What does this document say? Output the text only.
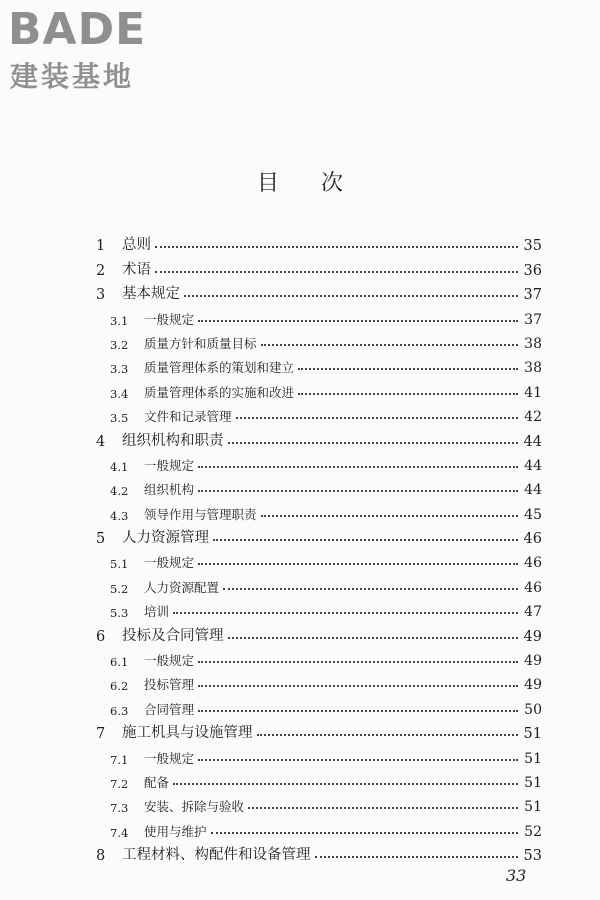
BADE
建装基地
目次
1	总则	35
2	术语	36
3	基本规定	37
3.1	一般规定	37
3.2	质量方针和质量目标	38
3.3	质量管理体系的策划和建立	38
3.4	质量管理体系的实施和改进	41
3.5	文件和记录管理	42
4	组织机构和职责	44
4.1	一般规定	44
4.2	组织机构	44
4.3	领导作用与管理职责	45
5	人力资源管理	46
5.1	一般规定	46
5.2	人力资源配置	46
5.3	培训	47
6	投标及合同管理	49
6.1	一般规定	49
6.2	投标管理	49
6.3	合同管理	50
7	施工机具与设施管理	51
7.1	一般规定	51
7.2	配备	51
7.3	安装、拆除与验收	51
7.4	使用与维护	52
8	工程材料、构配件和设备管理	53
33
